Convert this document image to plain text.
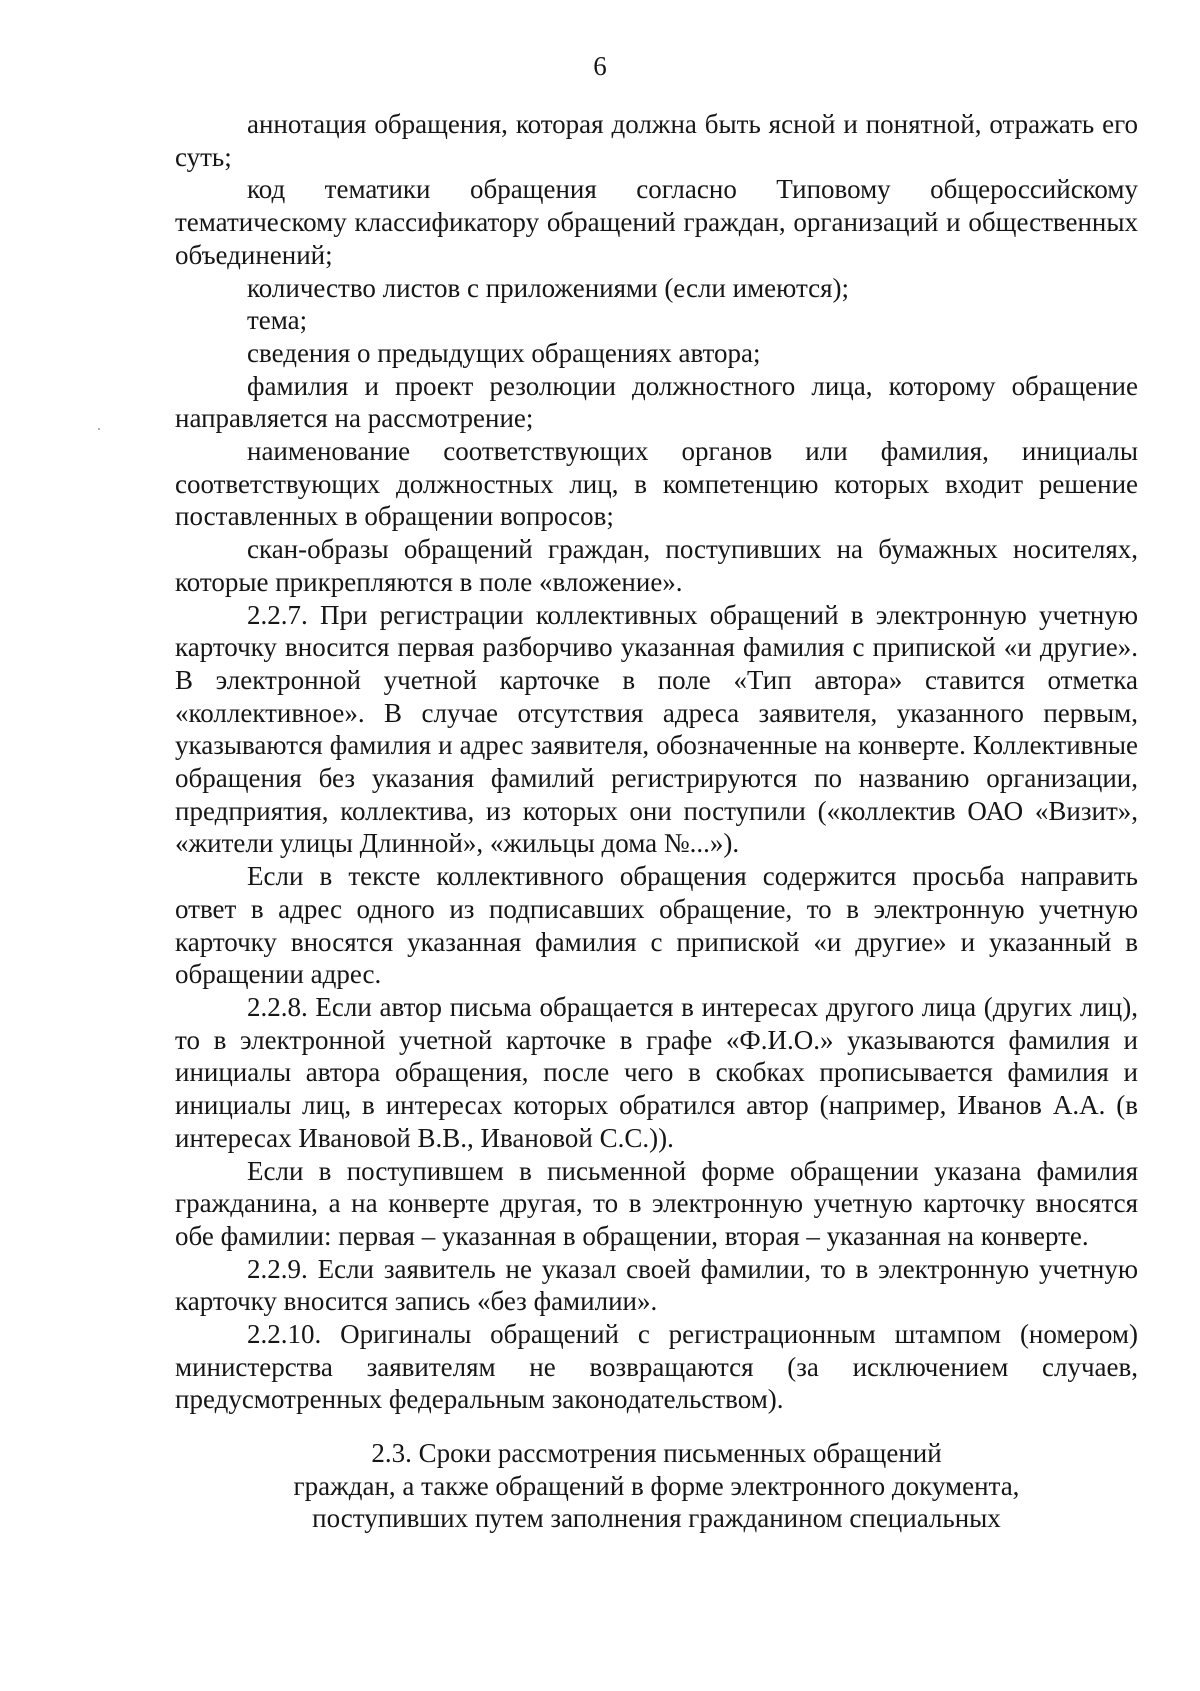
6

аннотация обращения, которая должна быть ясной и понятной, отражать его суть;

код тематики обращения согласно Типовому общероссийскому тематическому классификатору обращений граждан, организаций и общественных объединений;

количество листов с приложениями (если имеются);

тема;

сведения о предыдущих обращениях автора;

фамилия и проект резолюции должностного лица, которому обращение направляется на рассмотрение;

наименование соответствующих органов или фамилия, инициалы соответствующих должностных лиц, в компетенцию которых входит решение поставленных в обращении вопросов;

скан-образы обращений граждан, поступивших на бумажных носителях, которые прикрепляются в поле «вложение».

2.2.7. При регистрации коллективных обращений в электронную учетную карточку вносится первая разборчиво указанная фамилия с припиской «и другие». В электронной учетной карточке в поле «Тип автора» ставится отметка «коллективное». В случае отсутствия адреса заявителя, указанного первым, указываются фамилия и адрес заявителя, обозначенные на конверте. Коллективные обращения без указания фамилий регистрируются по названию организации, предприятия, коллектива, из которых они поступили («коллектив ОАО «Визит», «жители улицы Длинной», «жильцы дома №...»).

Если в тексте коллективного обращения содержится просьба направить ответ в адрес одного из подписавших обращение, то в электронную учетную карточку вносятся указанная фамилия с припиской «и другие» и указанный в обращении адрес.

2.2.8. Если автор письма обращается в интересах другого лица (других лиц), то в электронной учетной карточке в графе «Ф.И.О.» указываются фамилия и инициалы автора обращения, после чего в скобках прописывается фамилия и инициалы лиц, в интересах которых обратился автор (например, Иванов А.А. (в интересах Ивановой В.В., Ивановой С.С.)).

Если в поступившем в письменной форме обращении указана фамилия гражданина, а на конверте другая, то в электронную учетную карточку вносятся обе фамилии: первая – указанная в обращении, вторая – указанная на конверте.

2.2.9. Если заявитель не указал своей фамилии, то в электронную учетную карточку вносится запись «без фамилии».

2.2.10. Оригиналы обращений с регистрационным штампом (номером) министерства заявителям не возвращаются (за исключением случаев, предусмотренных федеральным законодательством).

2.3. Сроки рассмотрения письменных обращений
граждан, а также обращений в форме электронного документа,
поступивших путем заполнения гражданином специальных
